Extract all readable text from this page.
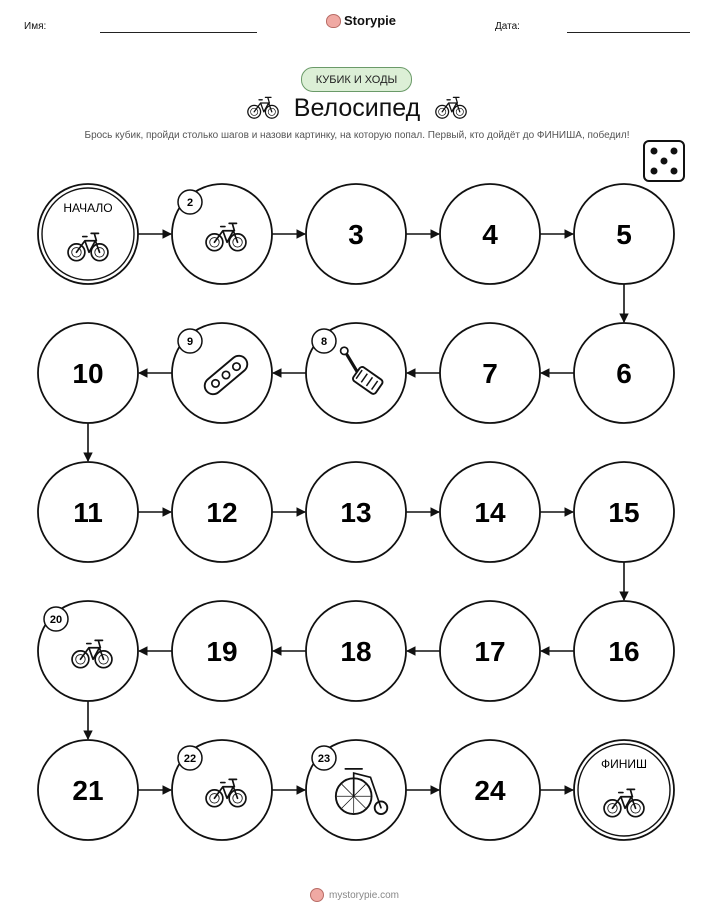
Имя:	Storypie	Дата:
КУБИК И ХОДЫ
Велосипед
Брось кубик, пройди столько шагов и назови картинку, на которую попал. Первый, кто дойдёт до ФИНИША, победил!
НАЧАЛО	2
3	4	5
6
7
8
9
10
11	12	13	14	15
16
17
18
19
20
21
22	23
24
ФИНИШ
mystorypie.com
